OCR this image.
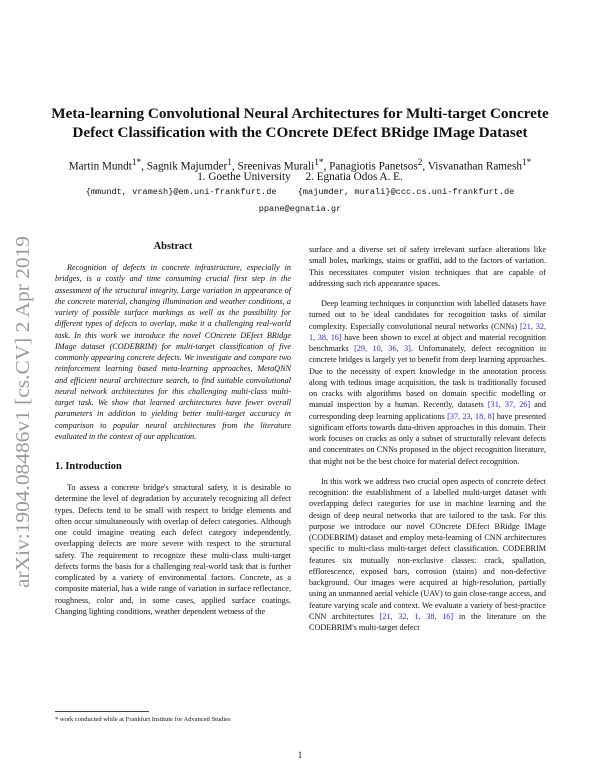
arXiv:1904.08486v1 [cs.CV] 2 Apr 2019
Meta-learning Convolutional Neural Architectures for Multi-target Concrete
Defect Classification with the COncrete DEfect BRidge IMage Dataset
Martin Mundt$^{1*}$, Sagnik Majumder$^1$, Sreenivas Murali$^{1*}$, Panagiotis Panetsos$^2$, Visvanathan Ramesh$^{1*}$
1. Goethe University 2. Egnatia Odos A. E.
{mmundt, vramesh}@em.uni-frankfurt.de {majumder, murali}@ccc.cs.uni-frankfurt.de
ppane@egnatia.gr
Abstract

Recognition of defects in concrete infrastructure, especially in bridges, is a costly and time consuming crucial first step in the assessment of the structural integrity. Large variation in appearance of the concrete material, changing illumination and weather conditions, a variety of possible surface markings as well as the possibility for different types of defects to overlap, make it a challenging real-world task. In this work we introduce the novel COncrete DEfect BRidge IMage dataset (CODEBRIM) for multi-target classification of five commonly appearing concrete defects. We investigate and compare two reinforcement learning based meta-learning approaches, MetaQNN and efficient neural architecture search, to find suitable convolutional neural network architectures for this challenging multi-class multi-target task. We show that learned architectures have fewer overall parameters in addition to yielding better multi-target accuracy in comparison to popular neural architectures from the literature evaluated in the context of our application.

1. Introduction

To assess a concrete bridge's structural safety, it is desirable to determine the level of degradation by accurately recognizing all defect types. Defects tend to be small with respect to bridge elements and often occur simultaneously with overlap of defect categories. Although one could imagine treating each defect category independently, overlapping defects are more severe with respect to the structural safety. The requirement to recognize these multi-class multi-target defects forms the basis for a challenging real-world task that is further complicated by a variety of environmental factors. Concrete, as a composite material, has a wide range of variation in surface reflectance, roughness, color and, in some cases, applied surface coatings. Changing lighting conditions, weather dependent wetness of the

surface and a diverse set of safety irrelevant surface alterations like small holes, markings, stains or graffiti, add to the factors of variation. This necessitates computer vision techniques that are capable of addressing such rich appearance spaces.

Deep learning techniques in conjunction with labelled datasets have turned out to be ideal candidates for recognition tasks of similar complexity. Especially convolutional neural networks (CNNs) [21, 32, 1, 38, 16] have been shown to excel at object and material recognition benchmarks [29, 10, 36, 3]. Unfortunately, defect recognition in concrete bridges is largely yet to benefit from deep learning approaches. Due to the necessity of expert knowledge in the annotation process along with tedious image acquisition, the task is traditionally focused on cracks with algorithms based on domain specific modelling or manual inspection by a human. Recently, datasets [31, 37, 26] and corresponding deep learning applications [37, 23, 18, 8] have presented significant efforts towards data-driven approaches in this domain. Their work focuses on cracks as only a subset of structurally relevant defects and concentrates on CNNs proposed in the object recognition literature, that might not be the best choice for material defect recognition.

In this work we address two crucial open aspects of concrete defect recognition: the establishment of a labelled multi-target dataset with overlapping defect categories for use in machine learning and the design of deep neural networks that are tailored to the task. For this purpose we introduce our novel COncrete DEfect BRidge IMage (CODEBRIM) dataset and employ meta-learning of CNN architectures specific to multi-class multi-target defect classification. CODEBRIM features six mutually non-exclusive classes: crack, spallation, efflorescence, exposed bars, corrosion (stains) and non-defective background. Our images were acquired at high-resolution, partially using an unmanned aerial vehicle (UAV) to gain close-range access, and feature varying scale and context. We evaluate a variety of best-practice CNN architectures [21, 32, 1, 38, 16] in the literature on the CODEBRIM's multi-target defect

* work conducted while at Frankfurt Institute for Advanced Studies
1
